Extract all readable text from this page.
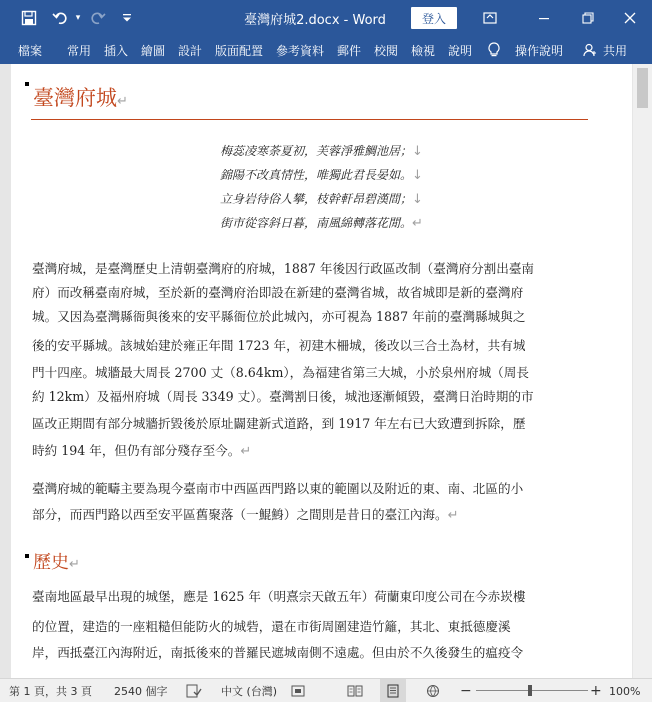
▾	臺灣府城2.docx - Word	登入
檔案 常用 插入 繪圖 設計 版面配置 參考資料 郵件 校閱 檢視 說明	操作說明	共用
臺灣府城↵
梅蕊凌寒荼夏初，芙蓉淨雅鯛池居；↓
錦陽不改真情性，唯獨此君長晏如。↓
立身岩待俗人攀，枝幹軒昂碧漢間；↓
街市從容斜日暮，南風綿轉落花閒。↵
臺灣府城，是臺灣歷史上清朝臺灣府的府城，1887 年後因行政區改制（臺灣府分割出臺南
府）而改稱臺南府城，至於新的臺灣府治即設在新建的臺灣省城，故省城即是新的臺灣府
城。又因為臺灣縣衙與後來的安平縣衙位於此城內，亦可視為 1887 年前的臺灣縣城與之
後的安平縣城。該城始建於雍正年間 1723 年，初建木柵城，後改以三合土為材，共有城
門十四座。城牆最大周長 2700 丈（8.64km），為福建省第三大城，小於泉州府城（周長
約 12km）及福州府城（周長 3349 丈）。臺灣割日後，城池逐漸傾毀，臺灣日治時期的市
區改正期間有部分城牆折毀後於原址闢建新式道路，到 1917 年左右已大致遭到拆除，歷
時約 194 年，但仍有部分殘存至今。↵
臺灣府城的範疇主要為現今臺南市中西區西門路以東的範圍以及附近的東、南、北區的小
部分，而西門路以西至安平區舊聚落（一鯤鯓）之間則是昔日的臺江內海。↵
歷史↵
臺南地區最早出現的城堡，應是 1625 年（明熹宗天啟五年）荷蘭東印度公司在今赤崁樓
的位置，建造的一座粗糙但能防火的城砦，還在市街周圍建造竹籬，其北、東抵德慶溪
岸，西抵臺江內海附近，南抵後來的普羅民遮城南側不遠處。但由於不久後發生的瘟疫令
第 1 頁，共 3 頁 2540 個字	中文 (台灣)	−	+ 100%
